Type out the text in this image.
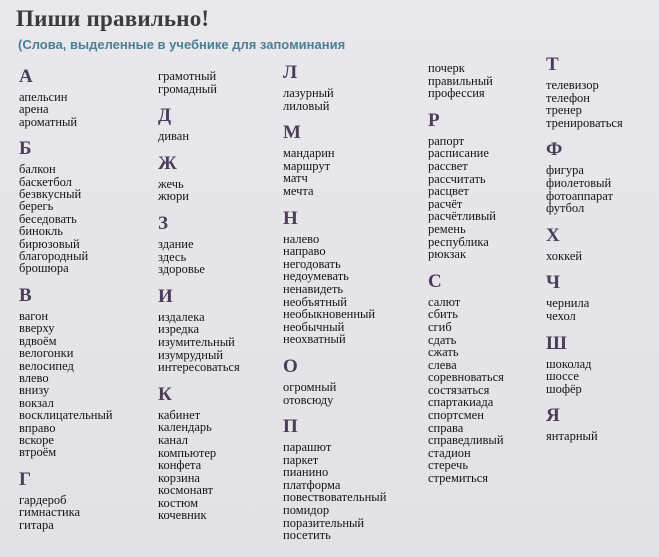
Пиши правильно!
(Слова, выделенные в учебнике для запоминания
А
апельсин
арена
ароматный
Б
балкон
баскетбол
безвкусный
берегь
беседовать
бинокль
бирюзовый
благородный
брошюра
В
вагон
вверху
вдвоём
велогонки
велосипед
влево
внизу
вокзал
восклицательный
вправо
вскоре
втроём
Г
гардероб
гимнастика
гитара
грамотный
громадный
Д
диван
Ж
жечь
жюри
З
здание
здесь
здоровье
И
издалека
изредка
изумительный
изумрудный
интересоваться
К
кабинет
календарь
канал
компьютер
конфета
корзина
космонавт
костюм
кочевник
Л
лазурный
лиловый
М
мандарин
маршрут
матч
мечта
Н
налево
направо
негодовать
недоумевать
ненавидеть
необъятный
необыкновенный
необычный
неохватный
О
огромный
отовсюду
П
парашют
паркет
пианино
платформа
повествовательный
помидор
поразительный
посетить
почерк
правильный
профессия
Р
рапорт
расписание
рассвет
рассчитать
расцвет
расчёт
расчётливый
ремень
республика
рюкзак
С
салют
сбить
сгиб
сдать
сжать
слева
соревноваться
состязаться
спартакиада
спортсмен
справа
справедливый
стадион
стеречь
стремиться
Т
телевизор
телефон
тренер
тренироваться
Ф
фигура
фиолетовый
фотоаппарат
футбол
Х
хоккей
Ч
чернила
чехол
Ш
шоколад
шоссе
шофёр
Я
янтарный
